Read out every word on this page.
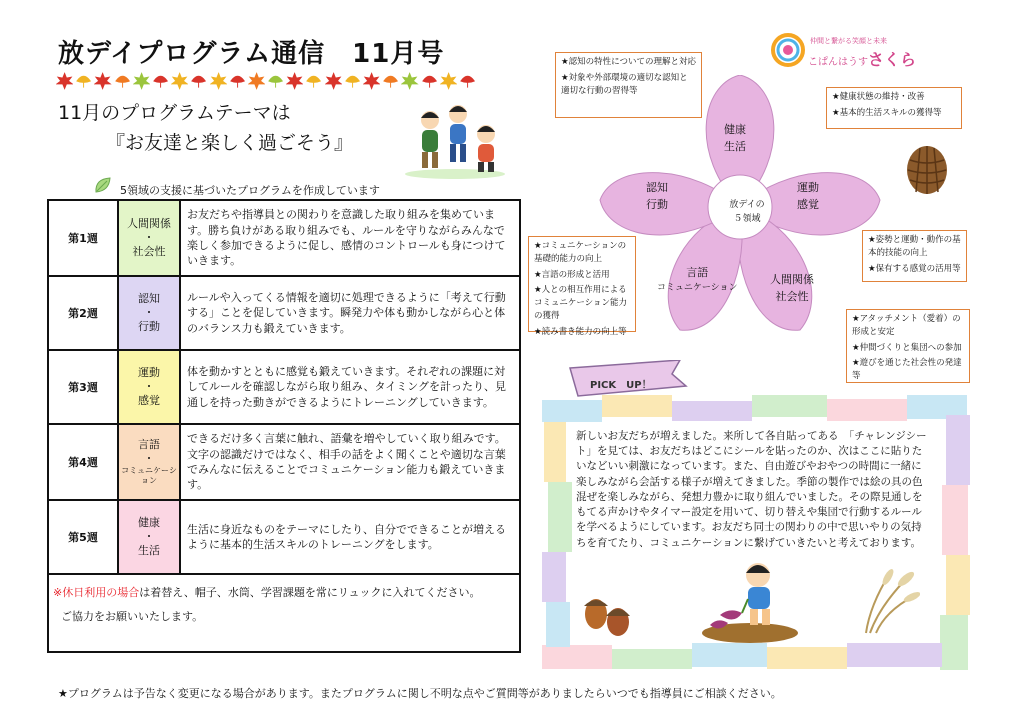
放デイプログラム通信　11月号
11月のプログラムテーマは
『お友達と楽しく過ごそう』
5領域の支援に基づいたプログラムを作成しています
第1週	人間関係
・
社会性	お友だちや指導員との関わりを意識した取り組みを集めています。勝ち負けがある取り組みでも、ルールを守りながらみんなで楽しく参加できるように促し、感情のコントロールも身につけていきます。
第2週	認知
・
行動	ルールや入ってくる情報を適切に処理できるように「考えて行動する」ことを促していきます。瞬発力や体も動かしながら心と体のバランス力も鍛えていきます。
第3週	運動
・
感覚	体を動かすとともに感覚も鍛えていきます。それぞれの課題に対してルールを確認しながら取り組み、タイミングを計ったり、見通しを持った動きができるようにトレーニングしていきます。
第4週	言語
・
コミュニケーション	できるだけ多く言葉に触れ、語彙を増やしていく取り組みです。文字の認識だけではなく、相手の話をよく聞くことや適切な言葉でみんなに伝えることでコミュニケーション能力も鍛えていきます。
第5週	健康
・
生活	生活に身近なものをテーマにしたり、自分でできることが増えるように基本的生活スキルのトレーニングをします。

※休日利用の場合は着替え、帽子、水筒、学習課題を常にリュックに入れてください。
ご協力をお願いいたします。		
★プログラムは予告なく変更になる場合があります。またプログラムに関し不明な点やご質問等がありましたらいつでも指導員にご相談ください。
仲間と繋がる笑顔と未来
こぱんはうすさくら
健康
生活
運動
感覚
人間関係
社会性
言語
コミュニケーション
認知
行動	放デイの
５領域

★認知の特性についての理解と対応

★対象や外部環境の適切な認知と適切な行動の習得等

★健康状態の維持・改善

★基本的生活スキルの獲得等

★姿勢と運動・動作の基本的技能の向上

★保有する感覚の活用等

★コミュニケーションの基礎的能力の向上

★言語の形成と活用

★人との相互作用によるコミュニケーション能力の獲得

★読み書き能力の向上等

★アタッチメント（愛着）の形成と安定

★仲間づくりと集団への参加

★遊びを通じた社会性の発達等

PICK　UP！
新しいお友だちが増えました。来所して各自貼ってある　「チャレンジシート」を見ては、お友だちはどこにシールを貼ったのか、次はここに貼りたいなどいい刺激になっています。また、自由遊びやおやつの時間に一緒に楽しみながら会話する様子が増えてきました。季節の製作では絵の具の色混ぜを楽しみながら、発想力豊かに取り組んでいました。その際見通しをもてる声かけやタイマー設定を用いて、切り替えや集団で行動するルールを学べるようにしています。お友だち同士の関わりの中で思いやりの気持ちを育てたり、コミュニケーションに繋げていきたいと考えております。
